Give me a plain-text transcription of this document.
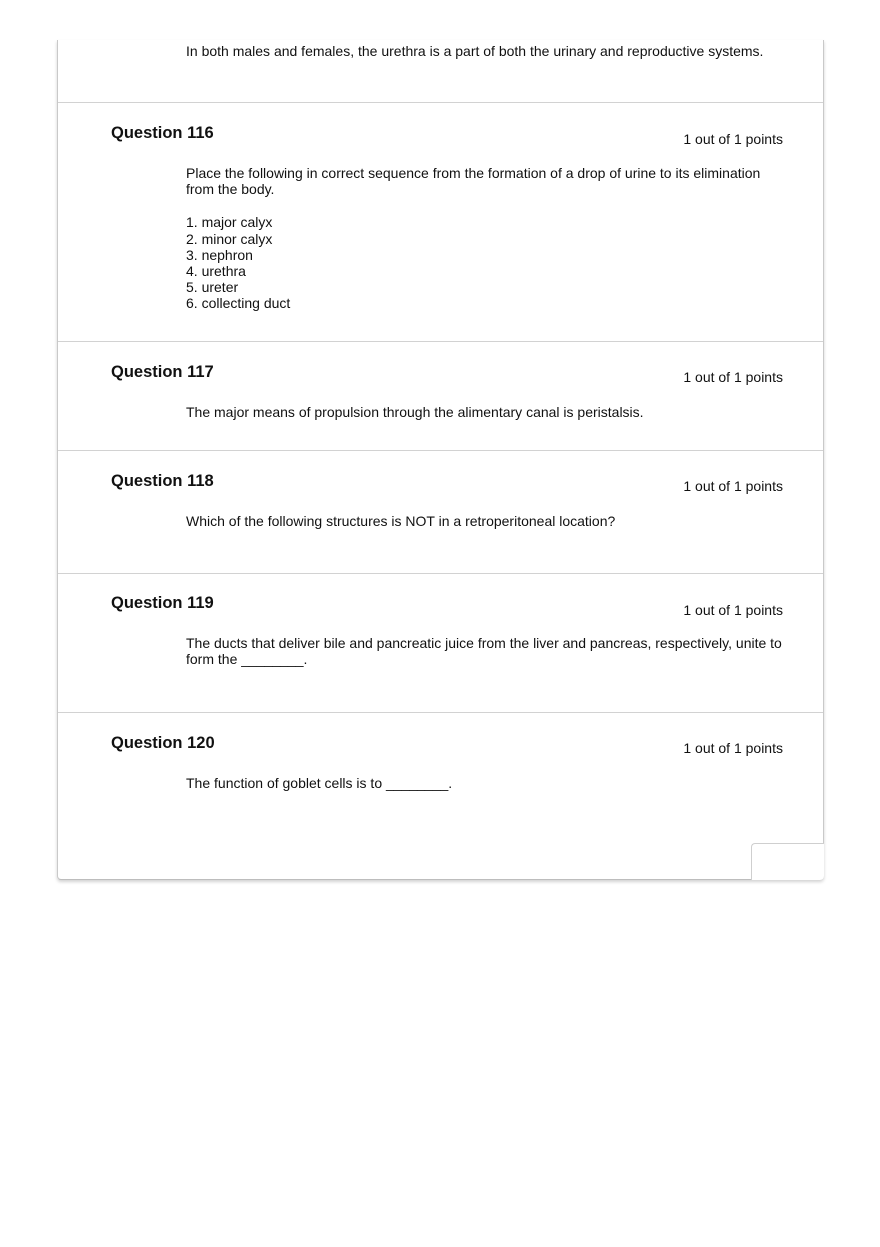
In both males and females, the urethra is a part of both the urinary and reproductive systems.
Question 116	1 out of 1 points
Place the following in correct sequence from the formation of a drop of urine to its elimination from the body.
1. major calyx
2. minor calyx
3. nephron
4. urethra
5. ureter
6. collecting duct
Question 117	1 out of 1 points
The major means of propulsion through the alimentary canal is peristalsis.
Question 118	1 out of 1 points
Which of the following structures is NOT in a retroperitoneal location?
Question 119	1 out of 1 points
The ducts that deliver bile and pancreatic juice from the liver and pancreas, respectively, unite to form the ________.
Question 120	1 out of 1 points
The function of goblet cells is to ________.
